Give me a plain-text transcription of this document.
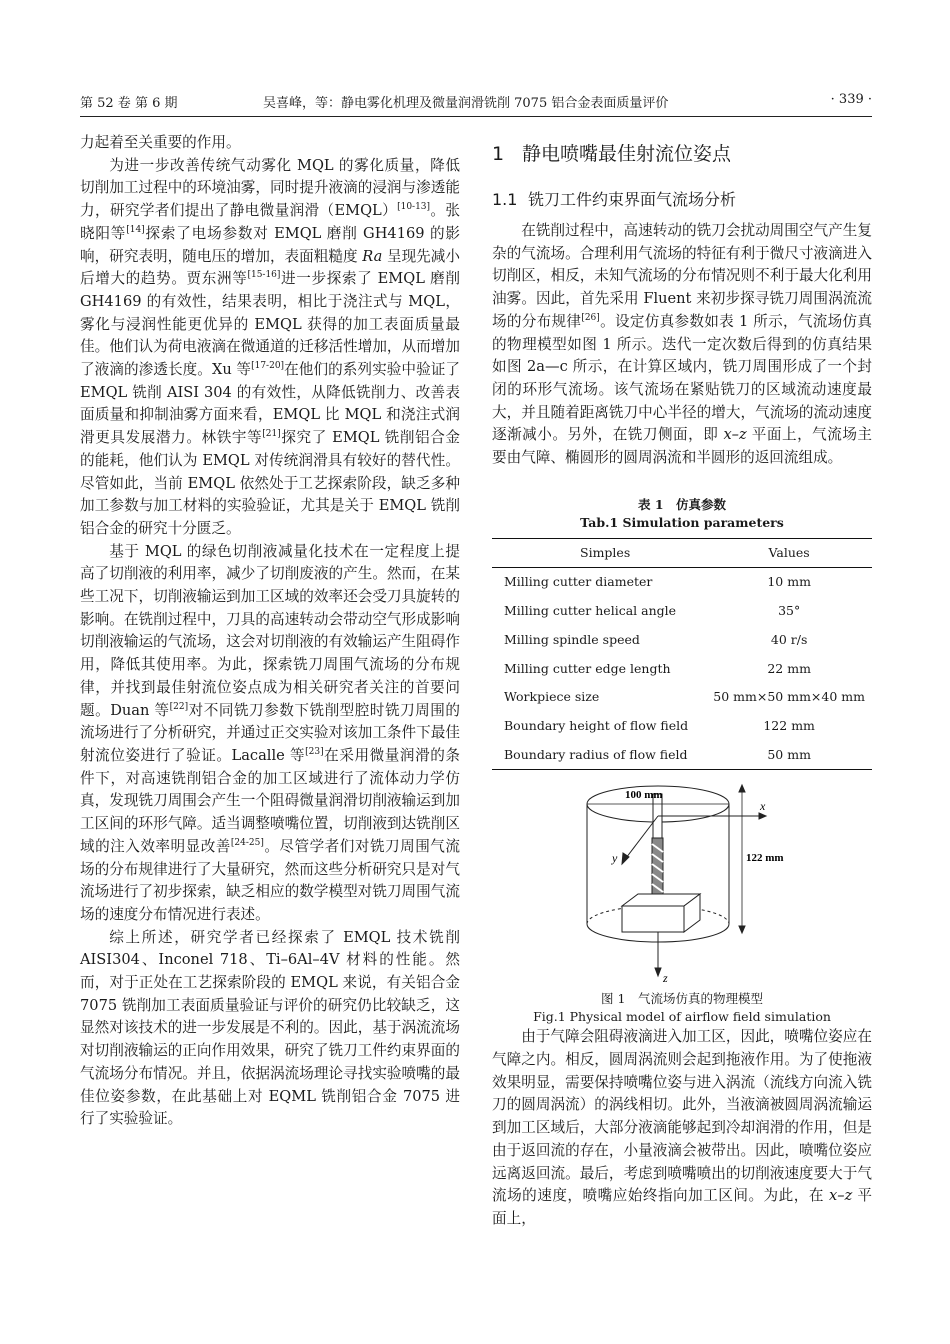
第 52 卷 第 6 期	吴喜峰，等：静电雾化机理及微量润滑铣削 7075 铝合金表面质量评价	· 339 ·

力起着至关重要的作用。

为进一步改善传统气动雾化 MQL 的雾化质量，降低切削加工过程中的环境油雾，同时提升液滴的浸润与渗透能力，研究学者们提出了静电微量润滑（EMQL）[10-13]。张晓阳等[14]探索了电场参数对 EMQL 磨削 GH4169 的影响，研究表明，随电压的增加，表面粗糙度 Ra 呈现先减小后增大的趋势。贾东洲等[15-16]进一步探索了 EMQL 磨削 GH4169 的有效性，结果表明，相比于浇注式与 MQL，雾化与浸润性能更优异的 EMQL 获得的加工表面质量最佳。他们认为荷电液滴在微通道的迁移活性增加，从而增加了液滴的渗透长度。Xu 等[17-20]在他们的系列实验中验证了 EMQL 铣削 AISI 304 的有效性，从降低铣削力、改善表面质量和抑制油雾方面来看，EMQL 比 MQL 和浇注式润滑更具发展潜力。林铁宇等[21]探究了 EMQL 铣削铝合金的能耗，他们认为 EMQL 对传统润滑具有较好的替代性。尽管如此，当前 EMQL 依然处于工艺探索阶段，缺乏多种加工参数与加工材料的实验验证，尤其是关于 EMQL 铣削铝合金的研究十分匮乏。

基于 MQL 的绿色切削液减量化技术在一定程度上提高了切削液的利用率，减少了切削废液的产生。然而，在某些工况下，切削液输运到加工区域的效率还会受刀具旋转的影响。在铣削过程中，刀具的高速转动会带动空气形成影响切削液输运的气流场，这会对切削液的有效输运产生阻碍作用，降低其使用率。为此，探索铣刀周围气流场的分布规律，并找到最佳射流位姿点成为相关研究者关注的首要问题。Duan 等[22]对不同铣刀参数下铣削型腔时铣刀周围的流场进行了分析研究，并通过正交实验对该加工条件下最佳射流位姿进行了验证。Lacalle 等[23]在采用微量润滑的条件下，对高速铣削铝合金的加工区域进行了流体动力学仿真，发现铣刀周围会产生一个阻碍微量润滑切削液输运到加工区间的环形气障。适当调整喷嘴位置，切削液到达铣削区域的注入效率明显改善[24-25]。尽管学者们对铣刀周围气流场的分布规律进行了大量研究，然而这些分析研究只是对气流场进行了初步探索，缺乏相应的数学模型对铣刀周围气流场的速度分布情况进行表述。

综上所述，研究学者已经探索了 EMQL 技术铣削 AISI304、Inconel 718、Ti–6Al–4V 材料的性能。然而，对于正处在工艺探索阶段的 EMQL 来说，有关铝合金 7075 铣削加工表面质量验证与评价的研究仍比较缺乏，这显然对该技术的进一步发展是不利的。因此，基于涡流流场对切削液输运的正向作用效果，研究了铣刀工件约束界面的气流场分布情况。并且，依据涡流场理论寻找实验喷嘴的最佳位姿参数，在此基础上对 EQML 铣削铝合金 7075 进行了实验验证。

1 静电喷嘴最佳射流位姿点
1.1 铣刀工件约束界面气流场分析

在铣削过程中，高速转动的铣刀会扰动周围空气产生复杂的气流场。合理利用气流场的特征有利于微尺寸液滴进入切削区，相反，未知气流场的分布情况则不利于最大化利用油雾。因此，首先采用 Fluent 来初步探寻铣刀周围涡流流场的分布规律[26]。设定仿真参数如表 1 所示，气流场仿真的物理模型如图 1 所示。迭代一定次数后得到的仿真结果如图 2a—c 所示，在计算区域内，铣刀周围形成了一个封闭的环形气流场。该气流场在紧贴铣刀的区域流动速度最大，并且随着距离铣刀中心半径的增大，气流场的流动速度逐渐减小。另外，在铣刀侧面，即 x–z 平面上，气流场主要由气障、椭圆形的圆周涡流和半圆形的返回流组成。

表 1　仿真参数
Tab.1 Simulation parameters
Simples	Values
Milling cutter diameter	10 mm
Milling cutter helical angle	35°
Milling spindle speed	40 r/s
Milling cutter edge length	22 mm
Workpiece size	50 mm×50 mm×40 mm
Boundary height of flow field	122 mm
Boundary radius of flow field	50 mm
100 mm
122 mm
x
y
z
图 1　气流场仿真的物理模型
Fig.1 Physical model of airflow field simulation

由于气障会阻碍液滴进入加工区，因此，喷嘴位姿应在气障之内。相反，圆周涡流则会起到拖液作用。为了使拖液效果明显，需要保持喷嘴位姿与进入涡流（流线方向流入铣刀的圆周涡流）的涡线相切。此外，当液滴被圆周涡流输运到加工区域后，大部分液滴能够起到冷却润滑的作用，但是由于返回流的存在，小量液滴会被带出。因此，喷嘴位姿应远离返回流。最后，考虑到喷嘴喷出的切削液速度要大于气流场的速度，喷嘴应始终指向加工区间。为此，在 x–z 平面上，
